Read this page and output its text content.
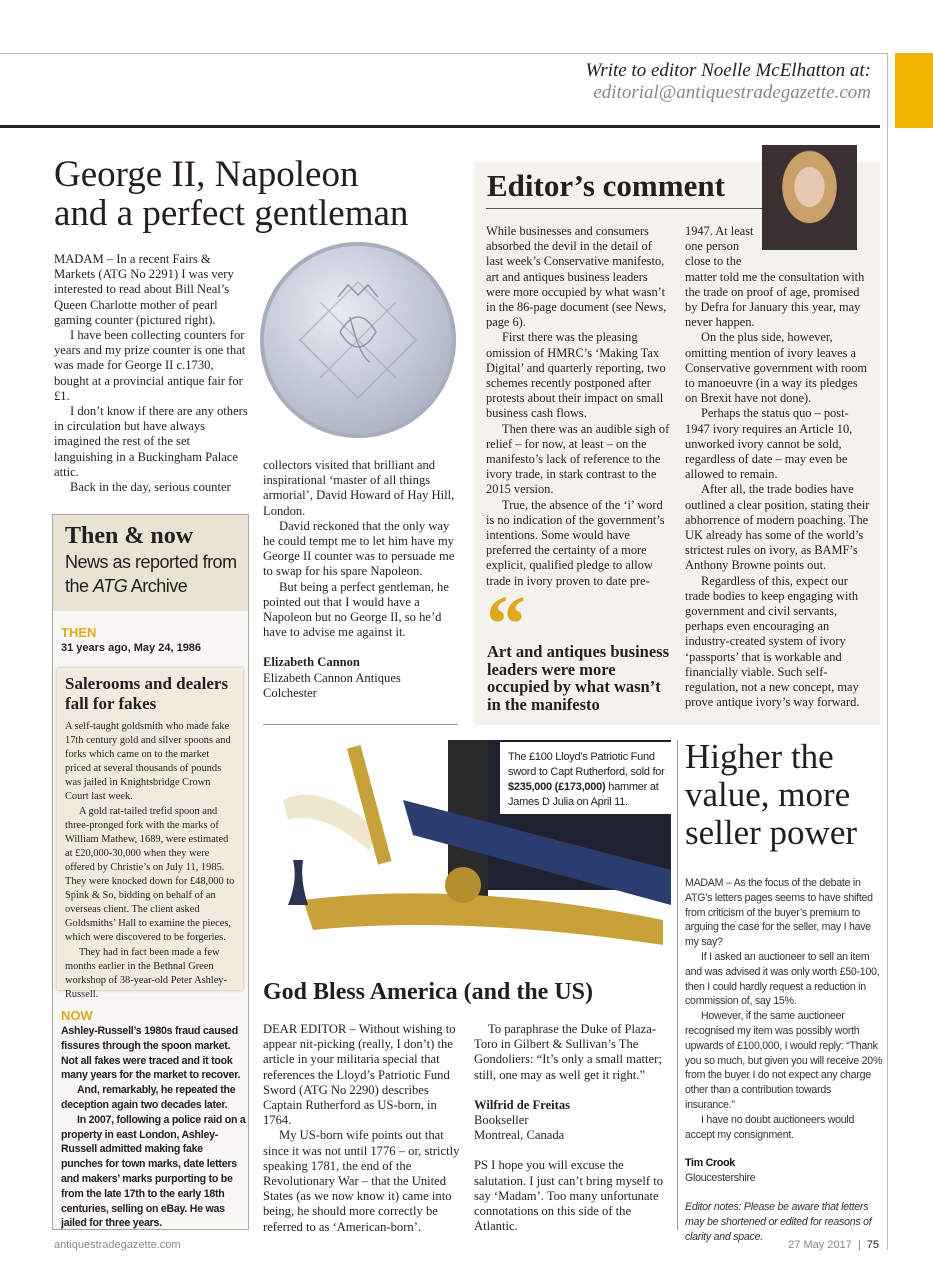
Write to editor Noelle McElhatton at:
editorial@antiquestradegazette.com
George II, Napoleon
and a perfect gentleman

MADAM – In a recent Fairs & Markets (ATG No 2291) I was very interested to read about Bill Neal’s Queen Charlotte mother of pearl gaming counter (pictured right).

I have been collecting counters for years and my prize counter is one that was made for George II c.1730, bought at a provincial antique fair for £1.

I don’t know if there are any others in circulation but have always imagined the rest of the set languishing in a Buckingham Palace attic.

Back in the day, serious counter

collectors visited that brilliant and inspirational ‘master of all things armorial’, David Howard of Hay Hill, London.

David reckoned that the only way he could tempt me to let him have my George II counter was to persuade me to swap for his spare Napoleon.

But being a perfect gentleman, he pointed out that I would have a Napoleon but no George II, so he’d have to advise me against it.

Elizabeth Cannon
Elizabeth Cannon Antiques
Colchester
Editor’s comment

While businesses and consumers absorbed the devil in the detail of last week’s Conservative manifesto, art and antiques business leaders were more occupied by what wasn’t in the 86-page document (see News, page 6).

First there was the pleasing omission of HMRC’s ‘Making Tax Digital’ and quarterly reporting, two schemes recently postponed after protests about their impact on small business cash flows.

Then there was an audible sigh of relief – for now, at least – on the manifesto’s lack of reference to the ivory trade, in stark contrast to the 2015 version.

True, the absence of the ‘i’ word is no indication of the government’s intentions. Some would have preferred the certainty of a more explicit, qualified pledge to allow trade in ivory proven to date pre-

1947. At least
one person
close to the

matter told me the consultation with the trade on proof of age, promised by Defra for January this year, may never happen.

On the plus side, however, omitting mention of ivory leaves a Conservative government with room to manoeuvre (in a way its pledges on Brexit have not done).

Perhaps the status quo – post-1947 ivory requires an Article 10, unworked ivory cannot be sold, regardless of date – may even be allowed to remain.

After all, the trade bodies have outlined a clear position, stating their abhorrence of modern poaching. The UK already has some of the world’s strictest rules on ivory, as BAMF’s Anthony Browne points out.

Regardless of this, expect our trade bodies to keep engaging with government and civil servants, perhaps even encouraging an industry-created system of ivory ‘passports’ that is workable and financially viable. Such self-regulation, not a new concept, may prove antique ivory’s way forward.

“
Art and antiques business leaders were more occupied by what wasn’t in the manifesto
Then & now
News as reported from
the ATG Archive
THEN
31 years ago, May 24, 1986
Salerooms and dealers fall for fakes

A self-taught goldsmith who made fake 17th century gold and silver spoons and forks which came on to the market priced at several thousands of pounds was jailed in Knightsbridge Crown Court last week.

A gold rat-tailed trefid spoon and three-pronged fork with the marks of William Mathew, 1689, were estimated at £20,000-30,000 when they were offered by Christie’s on July 11, 1985. They were knocked down for £48,000 to Spink & So, bidding on behalf of an overseas client. The client asked Goldsmiths’ Hall to examine the pieces, which were discovered to be forgeries.

They had in fact been made a few months earlier in the Bethnal Green workshop of 38-year-old Peter Ashley-Russell.

NOW

Ashley-Russell’s 1980s fraud caused fissures through the spoon market. Not all fakes were traced and it took many years for the market to recover.

And, remarkably, he repeated the deception again two decades later.

In 2007, following a police raid on a property in east London, Ashley-Russell admitted making fake punches for town marks, date letters and makers’ marks purporting to be from the late 17th to the early 18th centuries, selling on eBay. He was jailed for three years.

The £100 Lloyd’s Patriotic Fund sword to Capt Rutherford, sold for $235,000 (£173,000) hammer at James D Julia on April 11.
God Bless America (and the US)

DEAR EDITOR – Without wishing to appear nit-picking (really, I don’t) the article in your militaria special that references the Lloyd’s Patriotic Fund Sword (ATG No 2290) describes Captain Rutherford as US-born, in 1764.

My US-born wife points out that since it was not until 1776 – or, strictly speaking 1781, the end of the Revolutionary War – that the United States (as we now know it) came into being, he should more correctly be referred to as ‘American-born’.

To paraphrase the Duke of Plaza-Toro in Gilbert & Sullivan’s The Gondoliers: “It’s only a small matter; still, one may as well get it right.”

Wilfrid de Freitas
Bookseller
Montreal, Canada
PS I hope you will excuse the salutation. I just can’t bring myself to say ‘Madam’. Too many unfortunate connotations on this side of the Atlantic.
Higher the value, more seller power

MADAM – As the focus of the debate in ATG’s letters pages seems to have shifted from criticism of the buyer’s premium to arguing the case for the seller, may I have my say?

If I asked an auctioneer to sell an item and was advised it was only worth £50-100, then I could hardly request a reduction in commission of, say 15%.

However, if the same auctioneer recognised my item was possibly worth upwards of £100,000, I would reply: “Thank you so much, but given you will receive 20% from the buyer I do not expect any charge other than a contribution towards insurance.”

I have no doubt auctioneers would accept my consignment.

Tim Crook
Gloucestershire
Editor notes: Please be aware that letters may be shortened or edited for reasons of clarity and space.
antiquestradegazette.com	27 May 2017 | 75
